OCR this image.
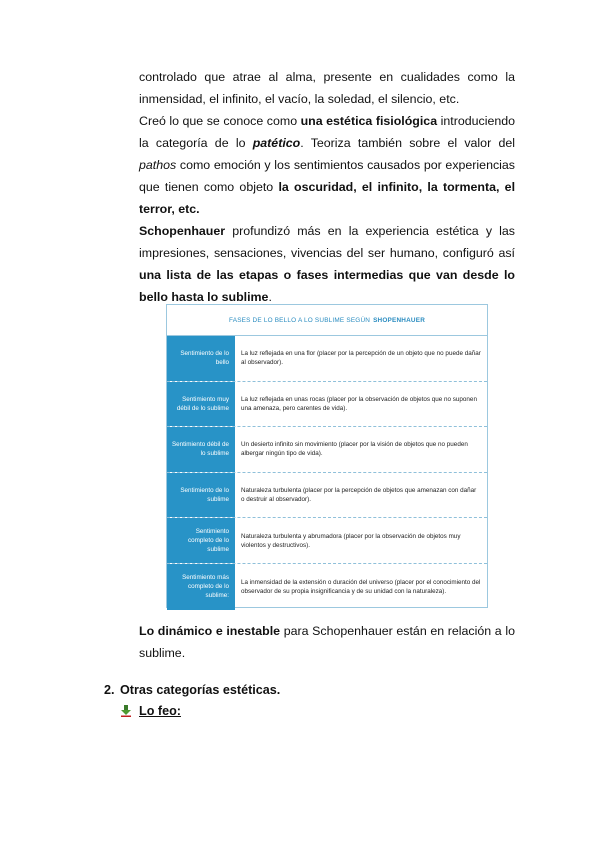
controlado que atrae al alma, presente en cualidades como la inmensidad, el infinito, el vacío, la soledad, el silencio, etc.

Creó lo que se conoce como una estética fisiológica introduciendo la categoría de lo patético. Teoriza también sobre el valor del pathos como emoción y los sentimientos causados por experiencias que tienen como objeto la oscuridad, el infinito, la tormenta, el terror, etc.

Schopenhauer profundizó más en la experiencia estética y las impresiones, sensaciones, vivencias del ser humano, configuró así una lista de las etapas o fases intermedias que van desde lo bello hasta lo sublime.

FASES DE LO BELLO A LO SUBLIME SEGÚN SHOPENHAUER
Sentimiento de lo bello
La luz reflejada en una flor (placer por la percepción de un objeto que no puede dañar al observador).
Sentimiento muy débil de lo sublime
La luz reflejada en unas rocas (placer por la observación de objetos que no suponen una amenaza, pero carentes de vida).
Sentimiento débil de lo sublime
Un desierto infinito sin movimiento (placer por la visión de objetos que no pueden albergar ningún tipo de vida).
Sentimiento de lo sublime
Naturaleza turbulenta (placer por la percepción de objetos que amenazan con dañar o destruir al observador).
Sentimiento completo de lo sublime
Naturaleza turbulenta y abrumadora (placer por la observación de objetos muy violentos y destructivos).
Sentimiento más completo de lo sublime:
La inmensidad de la extensión o duración del universo (placer por el conocimiento del observador de su propia insignificancia y de su unidad con la naturaleza).

Lo dinámico e inestable para Schopenhauer están en relación a lo sublime.

2. Otras categorías estéticas.

Lo feo:
